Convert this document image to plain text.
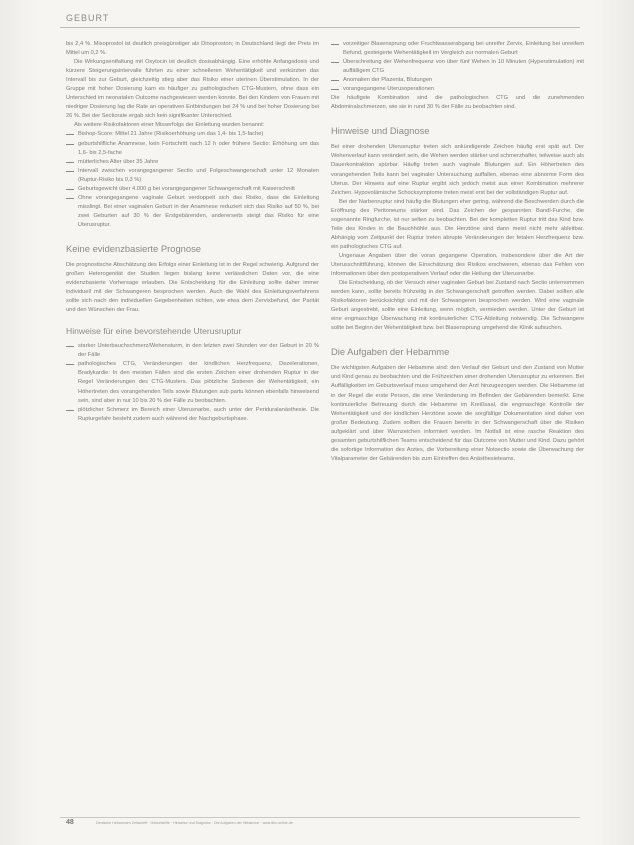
GEBURT

bis 2,4 %. Misoprostol ist deutlich preisgünstiger als Dinoproston; in Deutschland liegt der Preis im Mittel um 0,2 %.

Die Wirkungsentfaltung mit Oxytocin ist deutlich dosisabhängig. Eine erhöhte Anfangsdosis und kürzere Steigerungsintervalle führten zu einer schnelleren Wehentätigkeit und verkürzten das Intervall bis zur Geburt, gleichzeitig stieg aber das Risiko einer uterinen Überstimulation. In der Gruppe mit hoher Dosierung kam es häufiger zu pathologischen CTG-Mustern, ohne dass ein Unterschied im neonatalen Outcome nachgewiesen werden konnte. Bei den Kindern von Frauen mit niedriger Dosierung lag die Rate an operativen Entbindungen bei 24 % und bei hoher Dosierung bei 26 %. Bei der Sectiorate ergab sich kein signifikanter Unterschied.

Als weitere Risikofaktoren einer Misserfolgs der Einleitung wurden benannt:

Bishop-Score: Mittel 21 Jahre (Risikoerhöhung um das 1,4- bis 1,5-fache)
geburtshilfliche Anamnese, kein Fortschritt nach 12 h oder frühere Sectio: Erhöhung um das 1,6- bis 2,5-fache
mütterliches Alter über 35 Jahre
Intervall zwischen vorangegangener Sectio und Folgeschwangerschaft unter 12 Monaten (Ruptur-Risiko bis 0,3 %)
Geburtsgewicht über 4.000 g bei vorangegangener Schwangerschaft mit Kaiserschnitt
Ohne vorangegangene vaginale Geburt verdoppelt sich das Risiko, dass die Einleitung misslingt. Bei einer vaginalen Geburt in der Anamnese reduziert sich das Risiko auf 50 %, bei zwei Geburten auf 30 % der Erstgebärenden, andererseits steigt das Risiko für eine Uterusruptur.
Keine evidenzbasierte Prognose

Die prognostische Abschätzung des Erfolgs einer Einleitung ist in der Regel schwierig. Aufgrund der großen Heterogenität der Studien liegen bislang keine verlässlichen Daten vor, die eine evidenzbasierte Vorhersage erlauben. Die Entscheidung für die Einleitung sollte daher immer individuell mit der Schwangeren besprochen werden. Auch die Wahl des Einleitungsverfahrens sollte sich nach den individuellen Gegebenheiten richten, wie etwa dem Zervixbefund, der Parität und den Wünschen der Frau.

Hinweise für eine bevorstehende Uterusruptur
starker Unterbauchschmerz/Wehensturm, in den letzten zwei Stunden vor der Geburt in 20 % der Fälle
pathologisches CTG, Veränderungen der kindlichen Herzfrequenz, Dezelerationen, Bradykardie: In den meisten Fällen sind die ersten Zeichen einer drohenden Ruptur in der Regel Veränderungen des CTG-Musters. Das plötzliche Sistieren der Wehentätigkeit, ein Höhertreten des vorangehenden Teils sowie Blutungen sub partu können ebenfalls hinweisend sein, sind aber in nur 10 bis 20 % der Fälle zu beobachten.
plötzlicher Schmerz im Bereich einer Uterusnarbe, auch unter der Periduralanästhesie. Die Rupturgefahr besteht zudem auch während der Nachgeburtsphase.
vorzeitiger Blasensprung oder Fruchtwasserabgang bei unreifer Zervix, Einleitung bei unreifem Befund, gesteigerte Wehentätigkeit im Vergleich zur normalen Geburt
Überschreitung der Wehenfrequenz von über fünf Wehen in 10 Minuten (Hyperstimulation) mit auffälligem CTG
Anomalien der Plazenta, Blutungen
vorangegangene Uterusoperationen

Die häufigste Kombination sind die pathologischen CTG und die zunehmenden Abdominalschmerzen, wie sie in rund 30 % der Fälle zu beobachten sind.

Hinweise und Diagnose

Bei einer drohenden Uterusruptur treten sich ankündigende Zeichen häufig erst spät auf. Der Wehenverlauf kann verändert sein, die Wehen werden stärker und schmerzhafter, teilweise auch als Dauerkontraktion spürbar. Häufig treten auch vaginale Blutungen auf. Ein Höhertreten des vorangehenden Teils kann bei vaginaler Untersuchung auffallen, ebenso eine abnorme Form des Uterus. Der Hinweis auf eine Ruptur ergibt sich jedoch meist aus einer Kombination mehrerer Zeichen. Hypovolämische Schocksymptome treten meist erst bei der vollständigen Ruptur auf.

Bei der Narbenruptur sind häufig die Blutungen eher gering, während die Beschwerden durch die Eröffnung des Peritoneums stärker sind. Das Zeichen der gespannten Bandl-Furche, die sogenannte Ringfurche, ist nur selten zu beobachten. Bei der kompletten Ruptur tritt das Kind bzw. Teile des Kindes in die Bauchhöhle aus. Die Herztöne sind dann meist nicht mehr ableitbar. Abhängig vom Zeitpunkt der Ruptur treten abrupte Veränderungen der fetalen Herzfrequenz bzw. ein pathologisches CTG auf.

Ungenaue Angaben über die voran gegangene Operation, insbesondere über die Art der Uterusschnittführung, können die Einschätzung des Risikos erschweren, ebenso das Fehlen von Informationen über den postoperativen Verlauf oder die Heilung der Uterusnarbe.

Die Entscheidung, ob der Versuch einer vaginalen Geburt bei Zustand nach Sectio unternommen werden kann, sollte bereits frühzeitig in der Schwangerschaft getroffen werden. Dabei sollten alle Risikofaktoren berücksichtigt und mit der Schwangeren besprochen werden. Wird eine vaginale Geburt angestrebt, sollte eine Einleitung, wenn möglich, vermieden werden. Unter der Geburt ist eine engmaschige Überwachung mit kontinuierlicher CTG-Ableitung notwendig. Die Schwangere sollte bei Beginn der Wehentätigkeit bzw. bei Blasensprung umgehend die Klinik aufsuchen.

Die Aufgaben der Hebamme

Die wichtigsten Aufgaben der Hebamme sind: den Verlauf der Geburt und den Zustand von Mutter und Kind genau zu beobachten und die Frühzeichen einer drohenden Uterusruptur zu erkennen. Bei Auffälligkeiten im Geburtsverlauf muss umgehend der Arzt hinzugezogen werden. Die Hebamme ist in der Regel die erste Person, die eine Veränderung im Befinden der Gebärenden bemerkt. Eine kontinuierliche Betreuung durch die Hebamme im Kreißsaal, die engmaschige Kontrolle der Wehentätigkeit und der kindlichen Herztöne sowie die sorgfältige Dokumentation sind daher von großer Bedeutung. Zudem sollten die Frauen bereits in der Schwangerschaft über die Risiken aufgeklärt und über Warnzeichen informiert werden. Im Notfall ist eine rasche Reaktion des gesamten geburtshilflichen Teams entscheidend für das Outcome von Mutter und Kind. Dazu gehört die sofortige Information des Arztes, die Vorbereitung einer Notsectio sowie die Überwachung der Vitalparameter der Gebärenden bis zum Eintreffen des Anästhesieteams.

48	Deutsche Hebammen Zeitschrift · Geburtshilfe · Hinweise und Diagnose · Die Aufgaben der Hebamme · www.dhz-online.de
